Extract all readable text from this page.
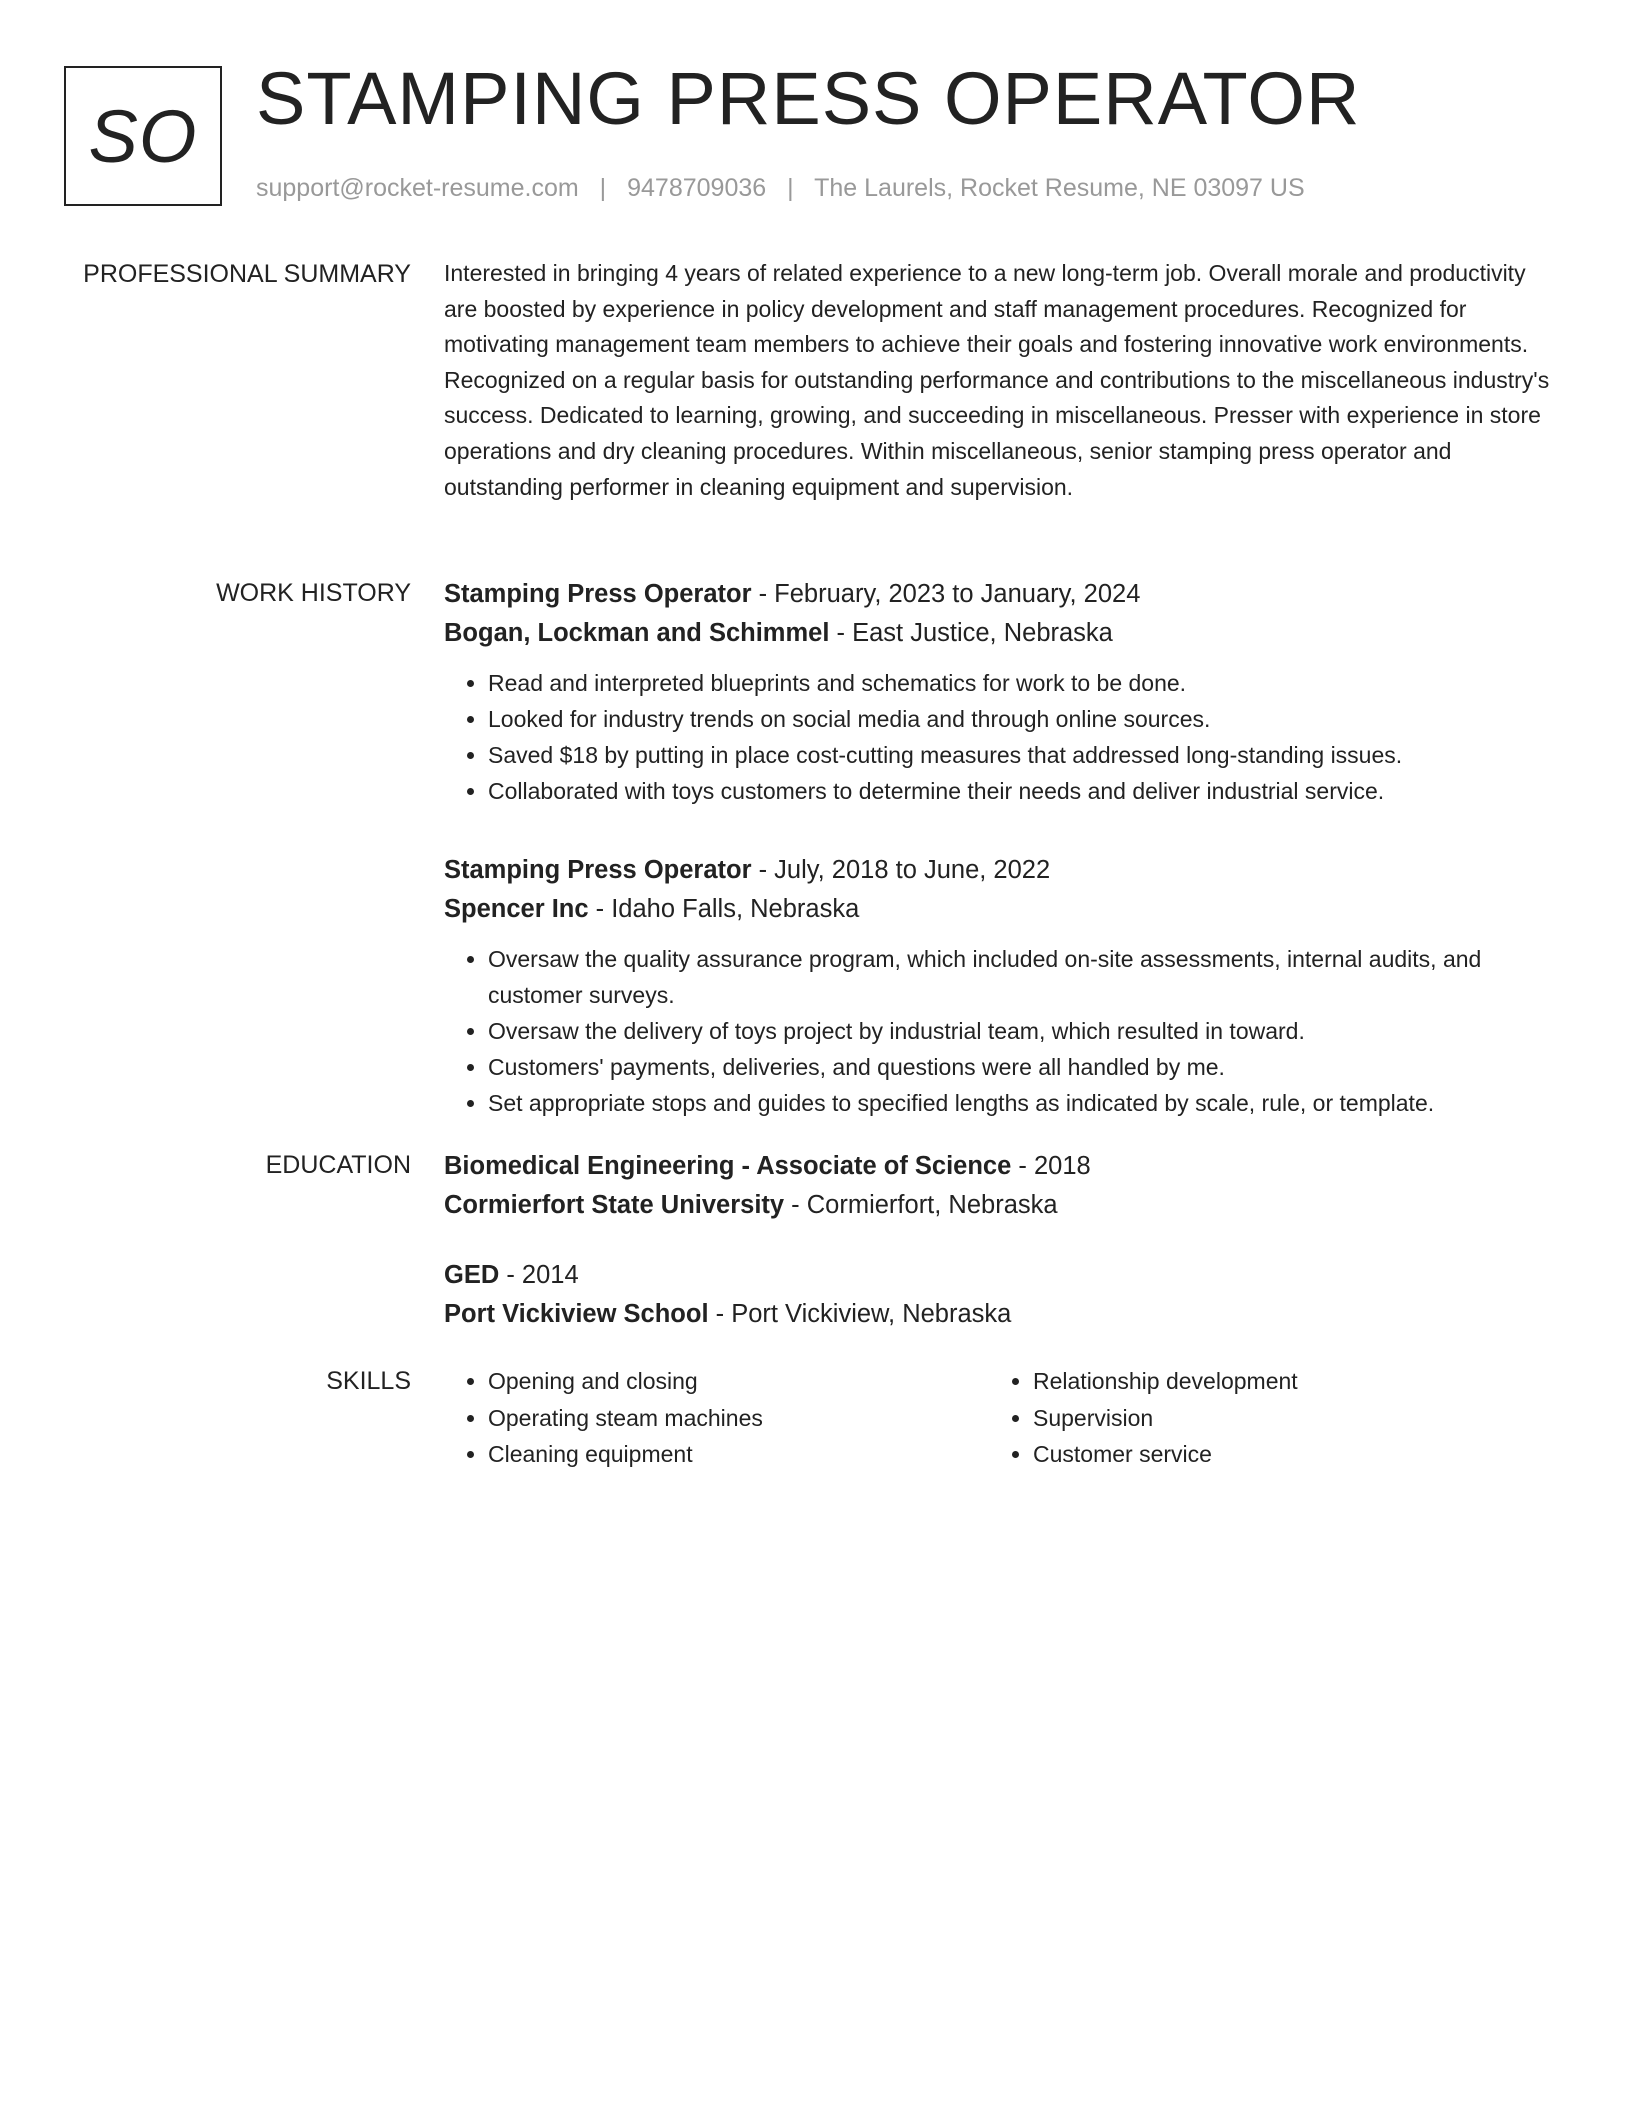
SO STAMPING PRESS OPERATOR
support@rocket-resume.com | 9478709036 | The Laurels, Rocket Resume, NE 03097 US
PROFESSIONAL SUMMARY Interested in bringing 4 years of related experience to a new long-term job. Overall morale and productivity are boosted by experience in policy development and staff management procedures. Recognized for motivating management team members to achieve their goals and fostering innovative work environments. Recognized on a regular basis for outstanding performance and contributions to the miscellaneous industry's success. Dedicated to learning, growing, and succeeding in miscellaneous. Presser with experience in store operations and dry cleaning procedures. Within miscellaneous, senior stamping press operator and outstanding performer in cleaning equipment and supervision.

WORK HISTORY Stamping Press Operator - February, 2023 to January, 2024
Bogan, Lockman and Schimmel - East Justice, Nebraska
• Read and interpreted blueprints and schematics for work to be done.
• Looked for industry trends on social media and through online sources.
• Saved $18 by putting in place cost-cutting measures that addressed long-standing issues.
• Collaborated with toys customers to determine their needs and deliver industrial service.
Stamping Press Operator - July, 2018 to June, 2022
Spencer Inc - Idaho Falls, Nebraska
• Oversaw the quality assurance program, which included on-site assessments, internal audits, and customer surveys.
• Oversaw the delivery of toys project by industrial team, which resulted in toward.
• Customers' payments, deliveries, and questions were all handled by me.
• Set appropriate stops and guides to specified lengths as indicated by scale, rule, or template.
EDUCATION Biomedical Engineering - Associate of Science - 2018
Cormierfort State University - Cormierfort, Nebraska
GED - 2014
Port Vickiview School - Port Vickiview, Nebraska
SKILLS
•	Opening and closing
• Operating steam machines
• Cleaning equipment
• Relationship development
• Supervision
• Customer service
